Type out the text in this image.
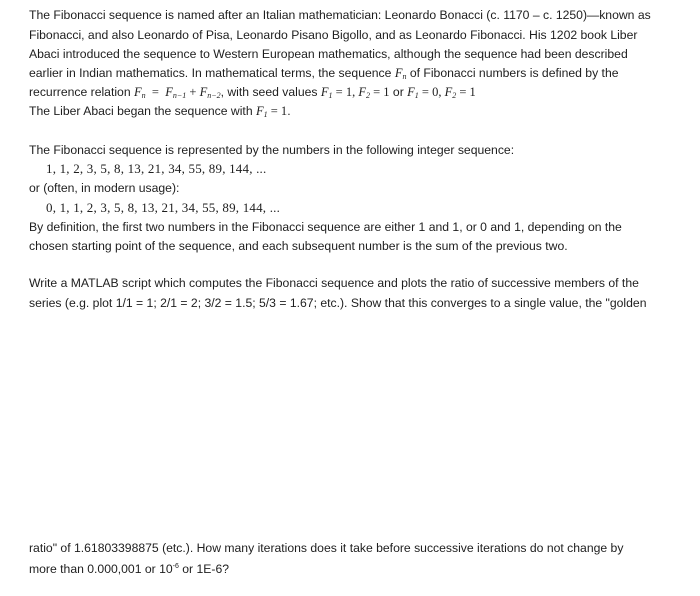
The Fibonacci sequence is named after an Italian mathematician: Leonardo Bonacci (c. 1170 – c. 1250)—known as
Fibonacci, and also Leonardo of Pisa, Leonardo Pisano Bigollo, and as Leonardo Fibonacci. His 1202 book Liber
Abaci introduced the sequence to Western European mathematics, although the sequence had been described
earlier in Indian mathematics. In mathematical terms, the sequence $F_n$ of Fibonacci numbers is defined by the
recurrence relation $F_n = F_{n-1} + F_{n-2}$, with seed values $F_1 = 1$, $F_2 = 1$ or $F_1 = 0$, $F_2 = 1$
The Liber Abaci began the sequence with $F_1 = 1$.
The Fibonacci sequence is represented by the numbers in the following integer sequence:
1, 1, 2, 3, 5, 8, 13, 21, 34, 55, 89, 144, ...
or (often, in modern usage):
0, 1, 1, 2, 3, 5, 8, 13, 21, 34, 55, 89, 144, ...
By definition, the first two numbers in the Fibonacci sequence are either 1 and 1, or 0 and 1, depending on the
chosen starting point of the sequence, and each subsequent number is the sum of the previous two.
Write a MATLAB script which computes the Fibonacci sequence and plots the ratio of successive members of the
series (e.g. plot 1/1 = 1; 2/1 = 2; 3/2 = 1.5; 5/3 = 1.67; etc.). Show that this converges to a single value, the "golden
ratio" of 1.61803398875 (etc.). How many iterations does it take before successive iterations do not change by
more than 0.000,001 or $10^{-6}$ or 1E-6?
